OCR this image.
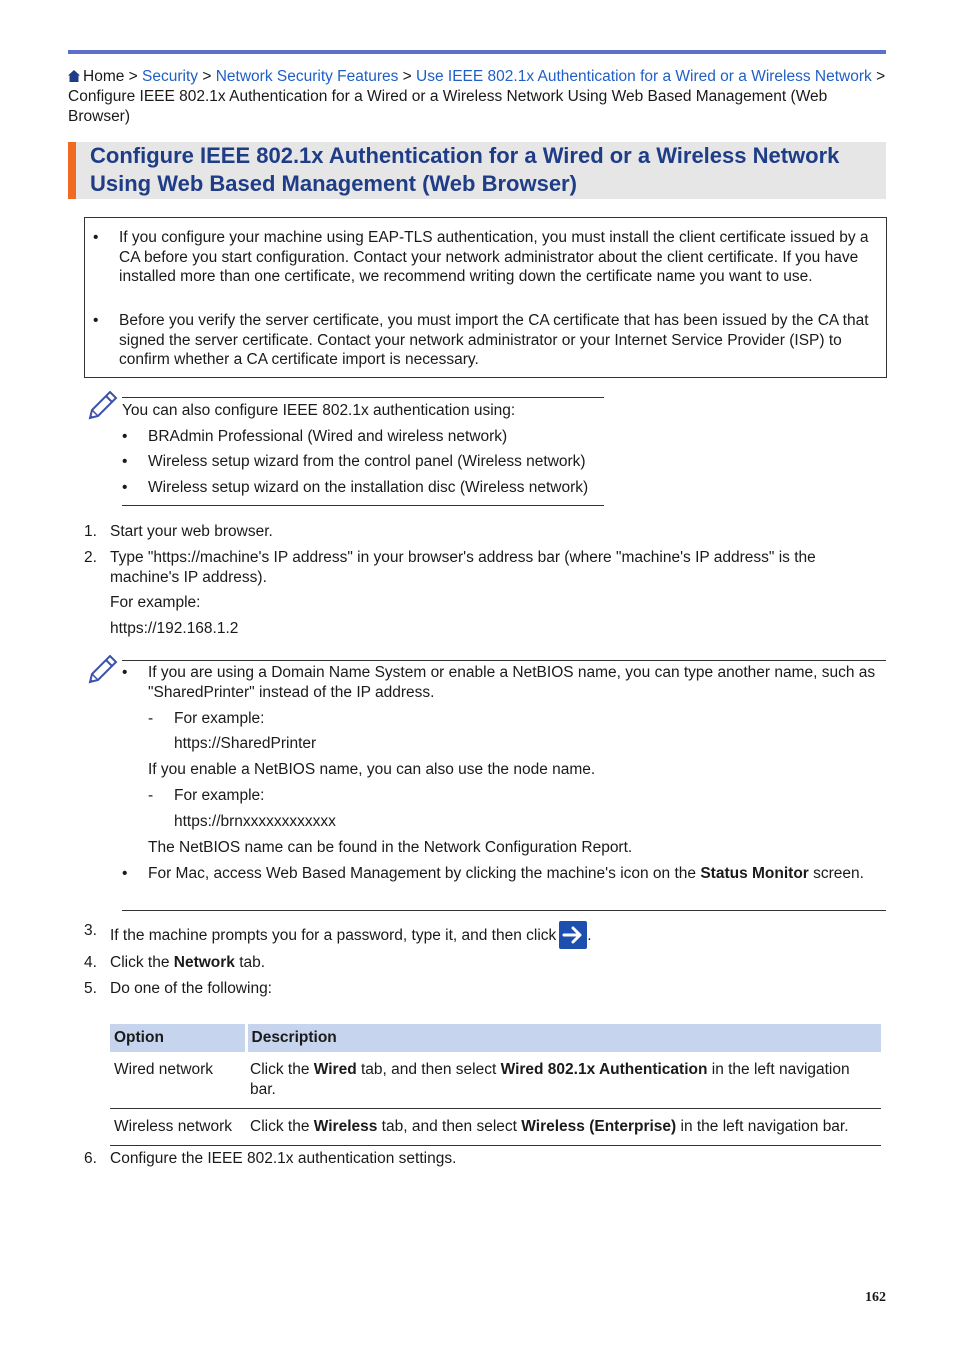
Home > Security > Network Security Features > Use IEEE 802.1x Authentication for a Wired or a Wireless Network > Configure IEEE 802.1x Authentication for a Wired or a Wireless Network Using Web Based Management (Web Browser)
Configure IEEE 802.1x Authentication for a Wired or a Wireless Network Using Web Based Management (Web Browser)
• If you configure your machine using EAP-TLS authentication, you must install the client certificate issued by a CA before you start configuration. Contact your network administrator about the client certificate. If you have installed more than one certificate, we recommend writing down the certificate name you want to use.
• Before you verify the server certificate, you must import the CA certificate that has been issued by the CA that signed the server certificate. Contact your network administrator or your Internet Service Provider (ISP) to confirm whether a CA certificate import is necessary.
You can also configure IEEE 802.1x authentication using:
• BRAdmin Professional (Wired and wireless network)
• Wireless setup wizard from the control panel (Wireless network)
• Wireless setup wizard on the installation disc (Wireless network)
1. Start your web browser.
2. Type "https://machine's IP address" in your browser's address bar (where "machine's IP address" is the machine's IP address).
For example:
https://192.168.1.2
• If you are using a Domain Name System or enable a NetBIOS name, you can type another name, such as "SharedPrinter" instead of the IP address.
- For example:
https://SharedPrinter
If you enable a NetBIOS name, you can also use the node name.
- For example:
https://brnxxxxxxxxxxxx
The NetBIOS name can be found in the Network Configuration Report.
• For Mac, access Web Based Management by clicking the machine's icon on the Status Monitor screen.
3. If the machine prompts you for a password, type it, and then click .
4. Click the Network tab.
5. Do one of the following:
Option	Description
Wired network	Click the Wired tab, and then select Wired 802.1x Authentication in the left navigation bar.
Wireless network	Click the Wireless tab, and then select Wireless (Enterprise) in the left navigation bar.
6. Configure the IEEE 802.1x authentication settings.
162
